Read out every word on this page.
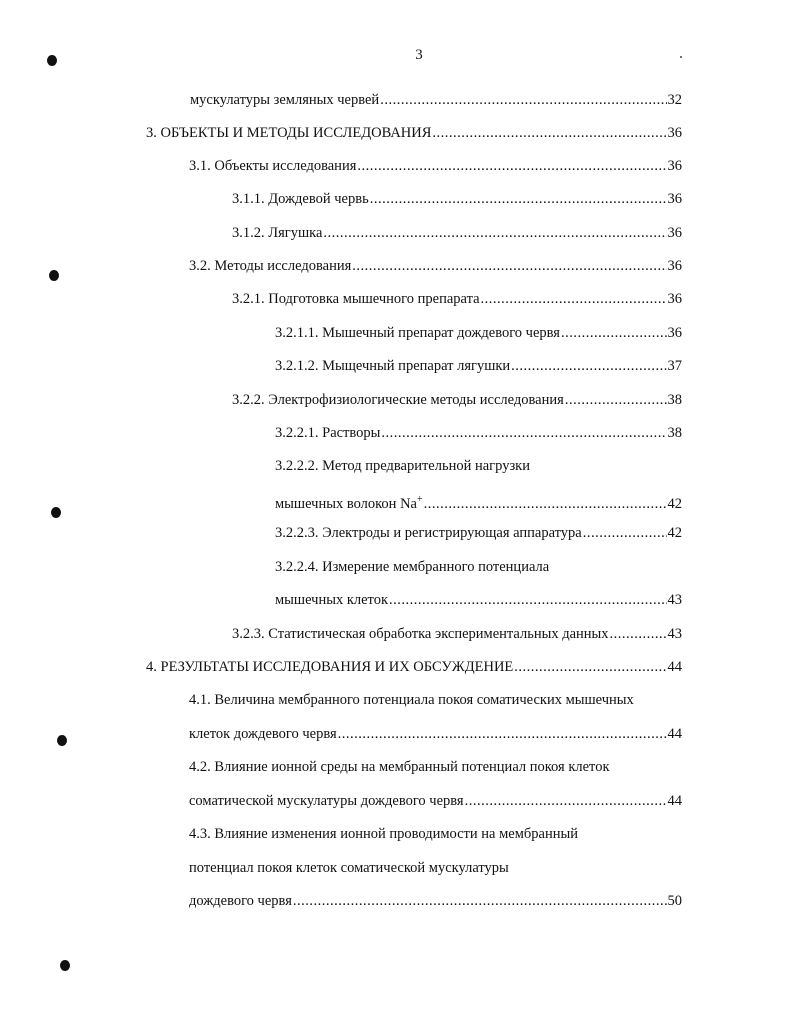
3
мускулатуры земляных червей .....	32
3. ОБЪЕКТЫ И МЕТОДЫ ИССЛЕДОВАНИЯ .....	36
3.1. Объекты исследования .....	36
3.1.1. Дождевой червь .....	36
3.1.2. Лягушка .....	36
3.2. Методы исследования .....	36
3.2.1. Подготовка мышечного препарата .....	36
3.2.1.1. Мышечный препарат дождевого червя .....	36
3.2.1.2. Мыщечный препарат лягушки .....	37
3.2.2. Электрофизиологические методы исследования .....	38
3.2.2.1. Растворы .....	38
3.2.2.2. Метод предварительной нагрузки
мышечных волокон Na+ .....	42
3.2.2.3. Электроды и регистрирующая аппаратура .....	42
3.2.2.4. Измерение мембранного потенциала
мышечных клеток .....	43
3.2.3. Статистическая обработка экспериментальных данных .....	43
4. РЕЗУЛЬТАТЫ ИССЛЕДОВАНИЯ И ИХ ОБСУЖДЕНИЕ .....	44
4.1. Величина мембранного потенциала покоя соматических мышечных
клеток дождевого червя .....	44
4.2. Влияние ионной среды на мембранный потенциал покоя клеток
соматической мускулатуры дождевого червя .....	44
4.3. Влияние изменения ионной проводимости на мембранный
потенциал покоя клеток соматической мускулатуры
дождевого червя .....	50
